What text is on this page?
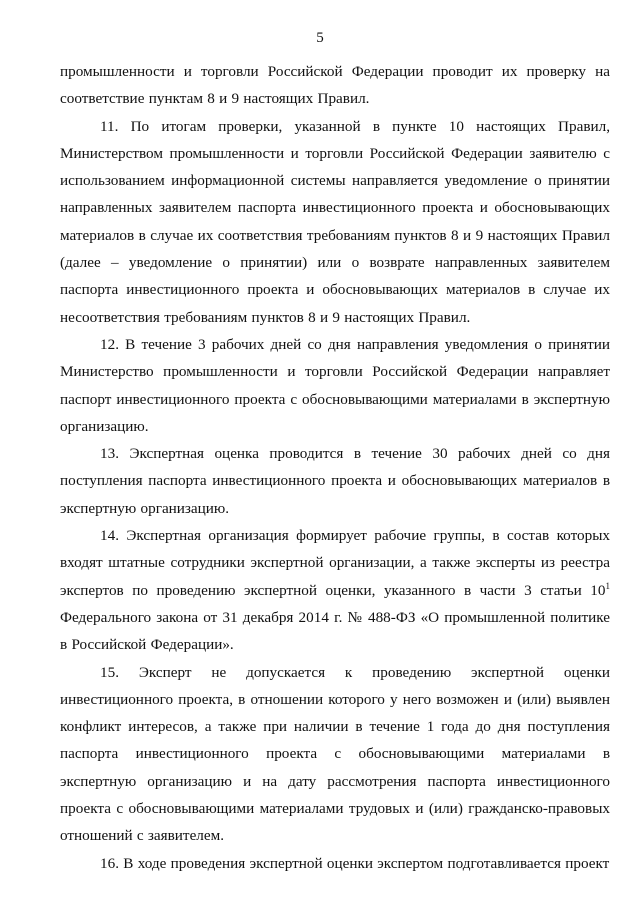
5

промышленности и торговли Российской Федерации проводит их проверку на соответствие пунктам 8 и 9 настоящих Правил.

11. По итогам проверки, указанной в пункте 10 настоящих Правил, Министерством промышленности и торговли Российской Федерации заявителю с использованием информационной системы направляется уведомление о принятии направленных заявителем паспорта инвестиционного проекта и обосновывающих материалов в случае их соответствия требованиям пунктов 8 и 9 настоящих Правил (далее – уведомление о принятии) или о возврате направленных заявителем паспорта инвестиционного проекта и обосновывающих материалов в случае их несоответствия требованиям пунктов 8 и 9 настоящих Правил.

12. В течение 3 рабочих дней со дня направления уведомления о принятии Министерство промышленности и торговли Российской Федерации направляет паспорт инвестиционного проекта с обосновывающими материалами в экспертную организацию.

13. Экспертная оценка проводится в течение 30 рабочих дней со дня поступления паспорта инвестиционного проекта и обосновывающих материалов в экспертную организацию.

14. Экспертная организация формирует рабочие группы, в состав которых входят штатные сотрудники экспертной организации, а также эксперты из реестра экспертов по проведению экспертной оценки, указанного в части 3 статьи $10^1$ Федерального закона от 31 декабря 2014 г. № 488-ФЗ «О промышленной политике в Российской Федерации».

15. Эксперт не допускается к проведению экспертной оценки инвестиционного проекта, в отношении которого у него возможен и (или) выявлен конфликт интересов, а также при наличии в течение 1 года до дня поступления паспорта инвестиционного проекта с обосновывающими материалами в экспертную организацию и на дату рассмотрения паспорта инвестиционного проекта с обосновывающими материалами трудовых и (или) гражданско-правовых отношений с заявителем.

16. В ходе проведения экспертной оценки экспертом подготавливается проект
